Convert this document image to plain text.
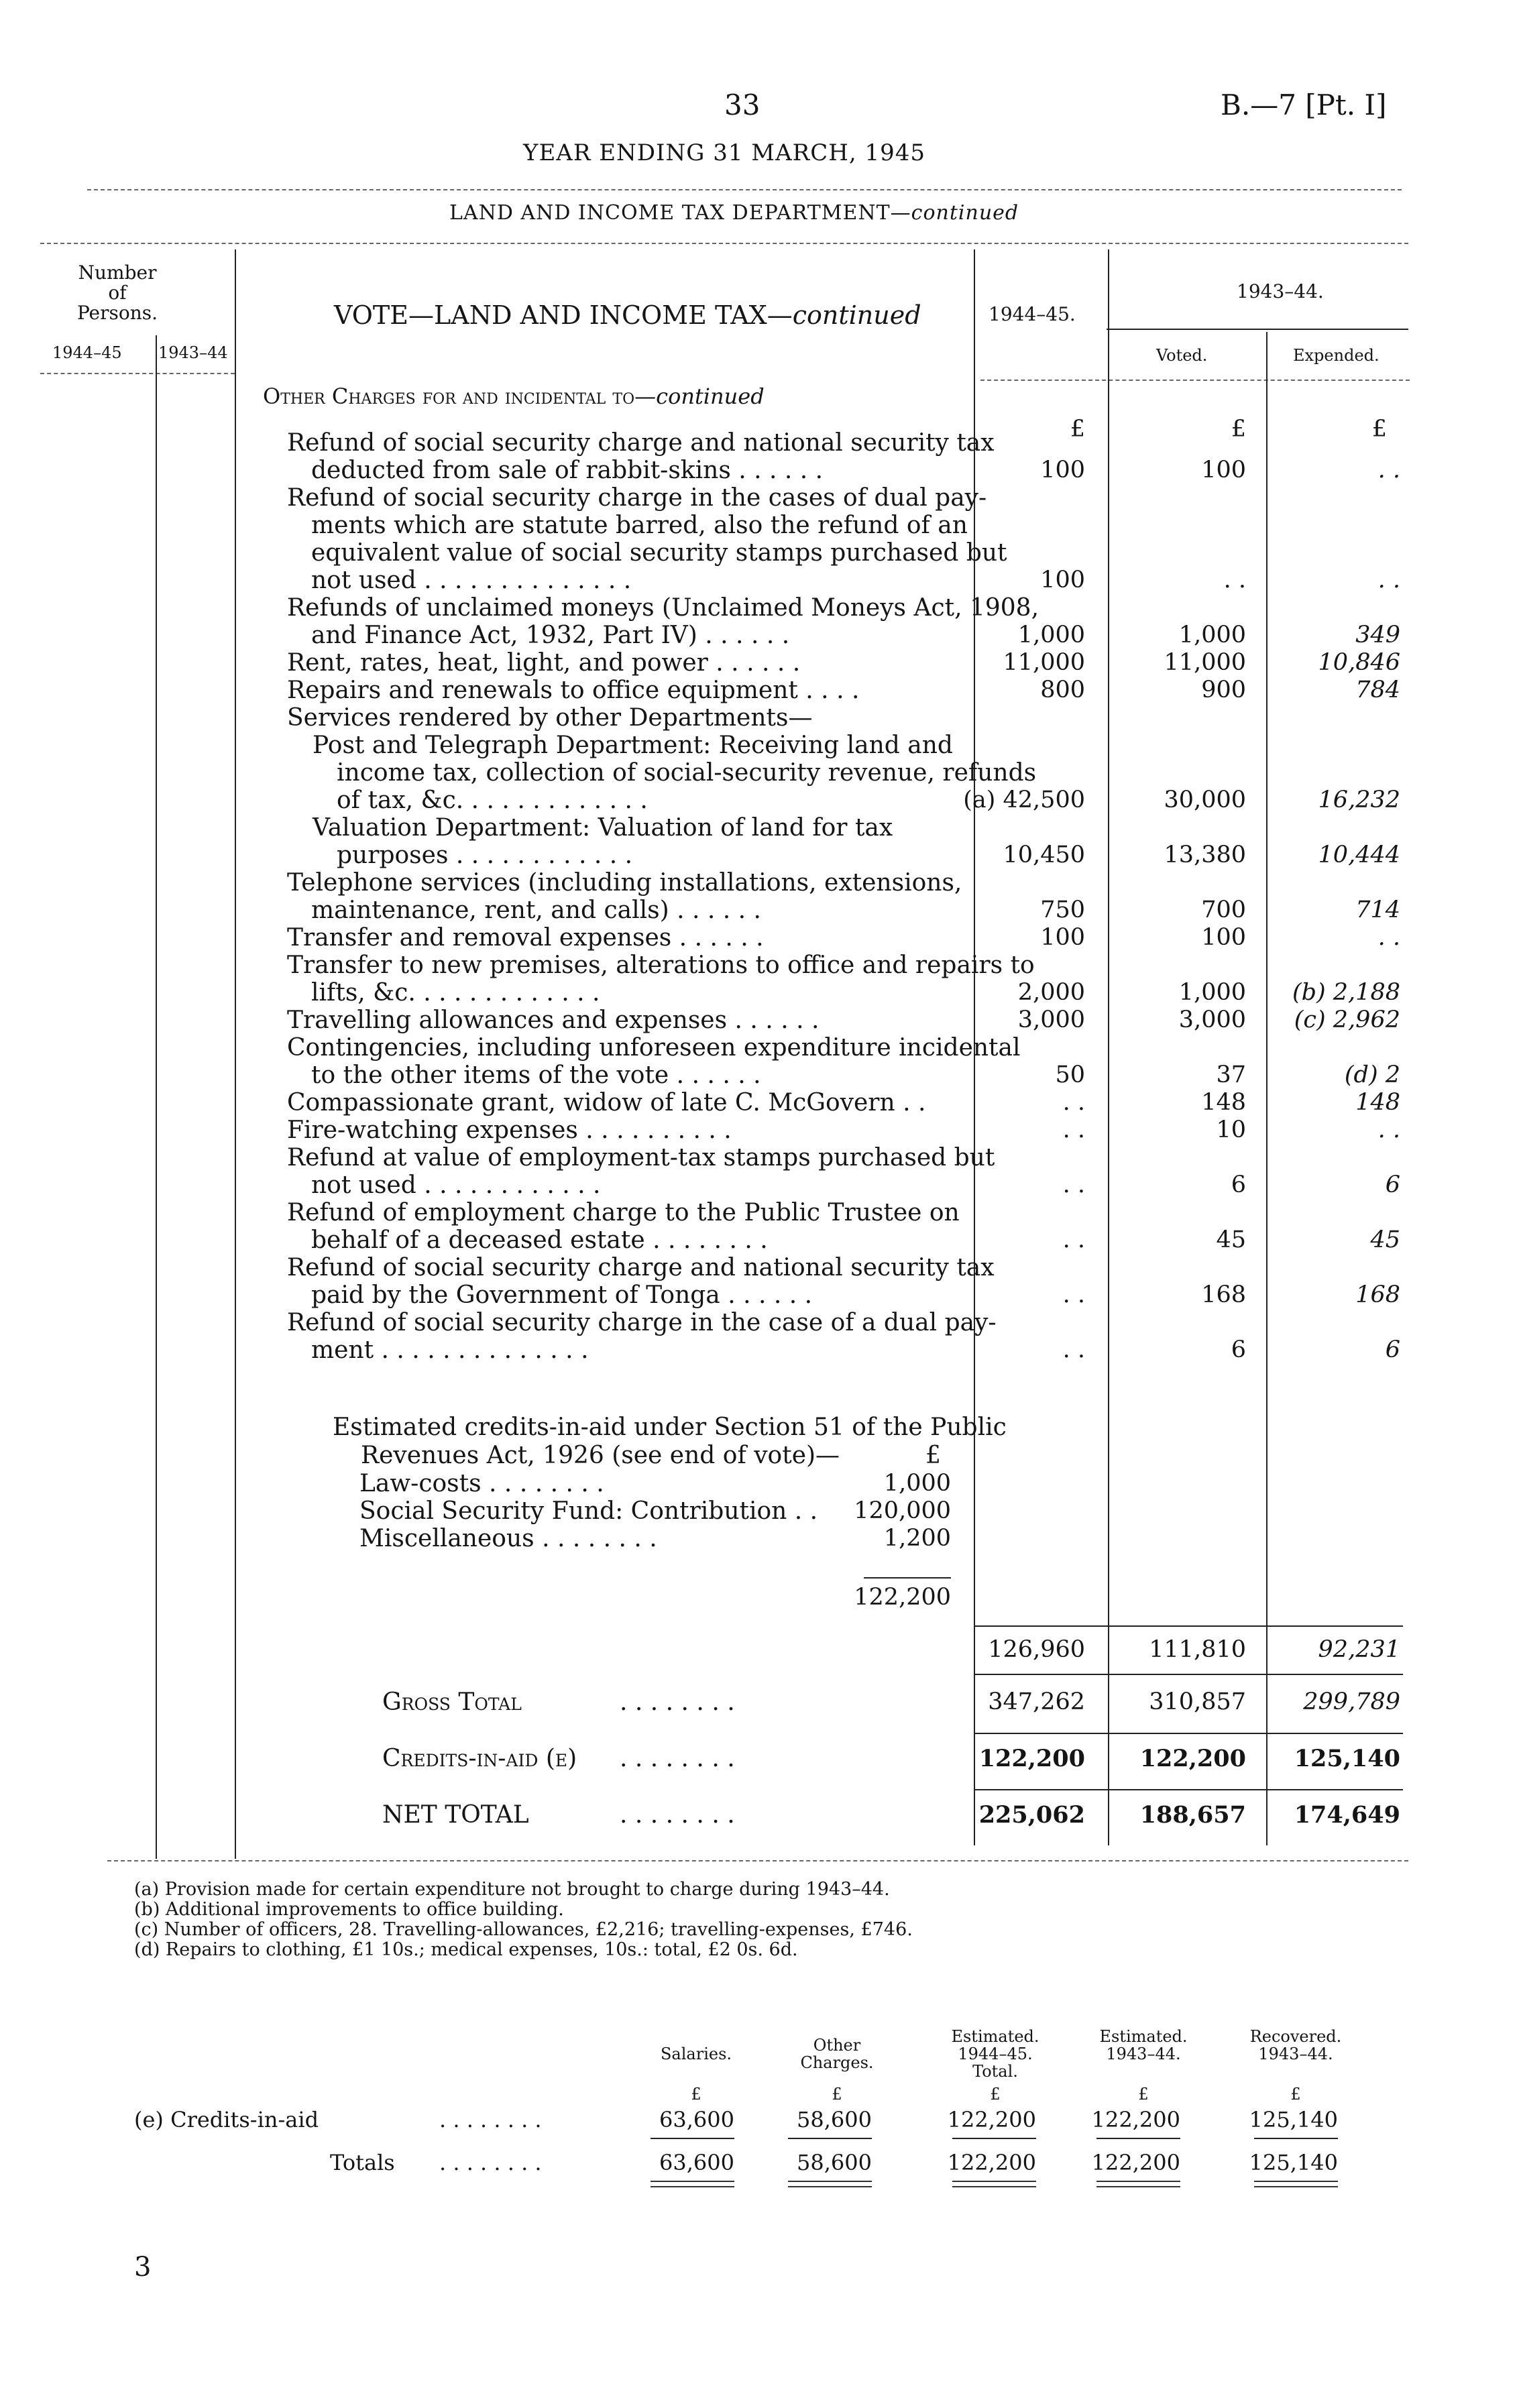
33	B.—7 [Pt. I]
YEAR ENDING 31 MARCH, 1945
LAND AND INCOME TAX DEPARTMENT—continued
Number of Persons.
1944–45 1943–44
VOTE—LAND AND INCOME TAX—continued	1944–45.
1943–44.
Voted.	Expended.
Other Charges for and incidental to—continued
£	£	£
Refund of social security charge and national security tax
deducted from sale of rabbit-skins . . . . . .	100	100	. .
Refund of social security charge in the cases of dual pay-
ments which are statute barred, also the refund of an
equivalent value of social security stamps purchased but
not used . . . . . . . . . . . . . .	100	. .	. .
Refunds of unclaimed moneys (Unclaimed Moneys Act, 1908,
and Finance Act, 1932, Part IV) . . . . . .	1,000	1,000	349
Rent, rates, heat, light, and power . . . . . .	11,000	11,000	10,846
Repairs and renewals to office equipment . . . .	800	900	784
Services rendered by other Departments—
Post and Telegraph Department: Receiving land and
income tax, collection of social-security revenue, refunds
of tax, &c. . . . . . . . . . . . .	(a) 42,500	30,000	16,232
Valuation Department: Valuation of land for tax
purposes . . . . . . . . . . . .	10,450	13,380	10,444
Telephone services (including installations, extensions,
maintenance, rent, and calls) . . . . . .	750	700	714
Transfer and removal expenses . . . . . .	100	100	. .
Transfer to new premises, alterations to office and repairs to
lifts, &c. . . . . . . . . . . . .	2,000	1,000 (b) 2,188
Travelling allowances and expenses . . . . . .	3,000	3,000 (c) 2,962
Contingencies, including unforeseen expenditure incidental
to the other items of the vote . . . . . .	50	37	(d) 2
Compassionate grant, widow of late C. McGovern . .	. .	148	148
Fire-watching expenses . . . . . . . . . .	. .	10	. .
Refund at value of employment-tax stamps purchased but
not used . . . . . . . . . . . .	. .	6	6
Refund of employment charge to the Public Trustee on
behalf of a deceased estate . . . . . . . .	. .	45	45
Refund of social security charge and national security tax
paid by the Government of Tonga . . . . . .	. .	168	168
Refund of social security charge in the case of a dual pay-
ment . . . . . . . . . . . . . .	. .	6	6
Estimated credits-in-aid under Section 51 of the Public
Revenues Act, 1926 (see end of vote)—	£
Law-costs . . . . . . . .	1,000
Social Security Fund: Contribution . . 120,000
Miscellaneous . . . . . . . .	1,200
122,200
126,960	111,810	92,231
Gross Total	. . . . . . . .	347,262	310,857 299,789
Credits-in-aid (e) . . . . . . . .	122,200 122,200 125,140
NET TOTAL	. . . . . . . .	225,062 188,657 174,649
(a) Provision made for certain expenditure not brought to charge during 1943–44.
(b) Additional improvements to office building.
(c) Number of officers, 28. Travelling-allowances, £2,216; travelling-expenses, £746.
(d) Repairs to clothing, £1 10s.; medical expenses, 10s.: total, £2 0s. 6d.
Salaries.
£
Other Charges.
£
Estimated. 1944–45. Total.
£
Estimated. 1943–44.
£
Recovered. 1943–44.
£
(e) Credits-in-aid	. . . . . . . .	63,600	58,600	122,200	122,200	125,140
Totals . . . . . . . .	63,600	58,600	122,200	122,200	125,140
3
